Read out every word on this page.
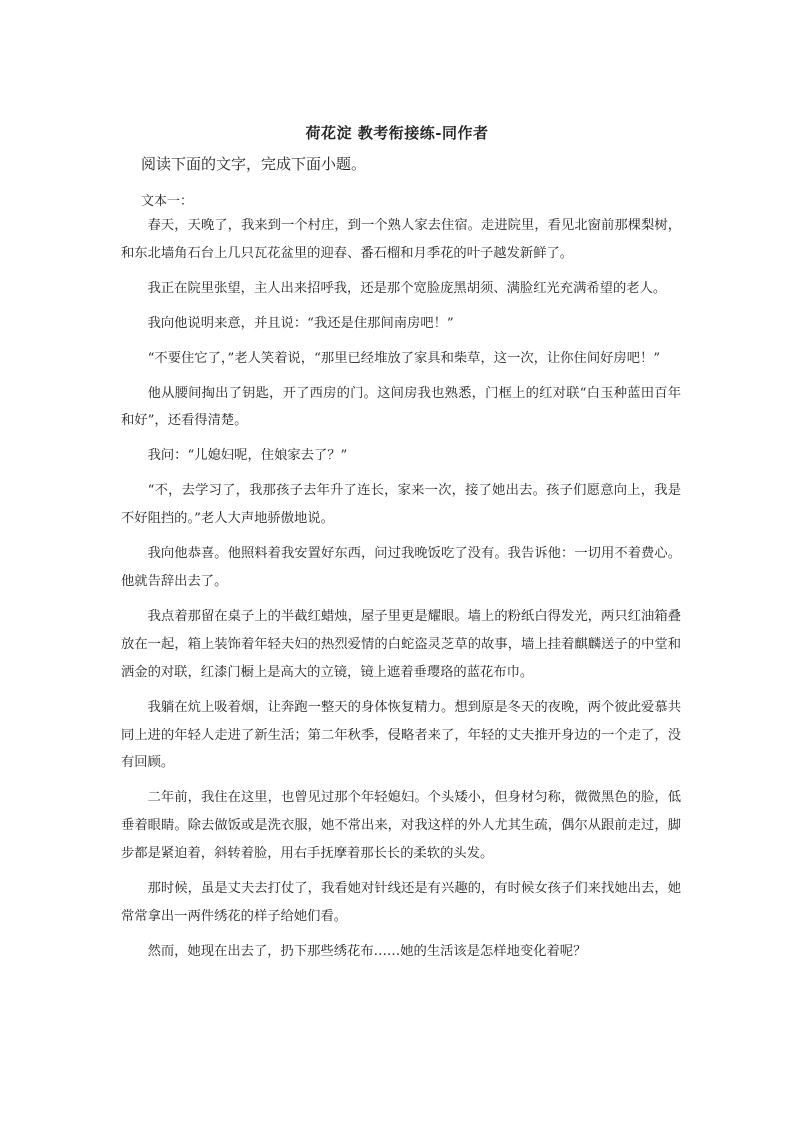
荷花淀 教考衔接练-同作者
阅读下面的文字，完成下面小题。
文本一：

春天，天晚了，我来到一个村庄，到一个熟人家去住宿。走进院里，看见北窗前那棵梨树，和东北墙角石台上几只瓦花盆里的迎春、番石榴和月季花的叶子越发新鲜了。

我正在院里张望，主人出来招呼我，还是那个宽脸庞黑胡须、满脸红光充满希望的老人。

我向他说明来意，并且说：“我还是住那间南房吧！”

“不要住它了，”老人笑着说，“那里已经堆放了家具和柴草，这一次，让你住间好房吧！”

他从腰间掏出了钥匙，开了西房的门。这间房我也熟悉，门框上的红对联“白玉种蓝田百年和好”，还看得清楚。

我问：“儿媳妇呢，住娘家去了？”

“不，去学习了，我那孩子去年升了连长，家来一次，接了她出去。孩子们愿意向上，我是不好阻挡的。”老人大声地骄傲地说。

我向他恭喜。他照料着我安置好东西，问过我晚饭吃了没有。我告诉他：一切用不着费心。他就告辞出去了。

我点着那留在桌子上的半截红蜡烛，屋子里更是耀眼。墙上的粉纸白得发光，两只红油箱叠放在一起，箱上装饰着年轻夫妇的热烈爱情的白蛇盗灵芝草的故事，墙上挂着麒麟送子的中堂和洒金的对联，红漆门橱上是高大的立镜，镜上遮着垂璎珞的蓝花布巾。

我躺在炕上吸着烟，让奔跑一整天的身体恢复精力。想到原是冬天的夜晚，两个彼此爱慕共同上进的年轻人走进了新生活；第二年秋季，侵略者来了，年轻的丈夫推开身边的一个走了，没有回顾。

二年前，我住在这里，也曾见过那个年轻媳妇。个头矮小，但身材匀称，微微黑色的脸，低垂着眼睛。除去做饭或是洗衣服，她不常出来，对我这样的外人尤其生疏，偶尔从跟前走过，脚步都是紧迫着，斜转着脸，用右手抚摩着那长长的柔软的头发。

那时候，虽是丈夫去打仗了，我看她对针线还是有兴趣的，有时候女孩子们来找她出去，她常常拿出一两件绣花的样子给她们看。

然而，她现在出去了，扔下那些绣花布……她的生活该是怎样地变化着呢？
